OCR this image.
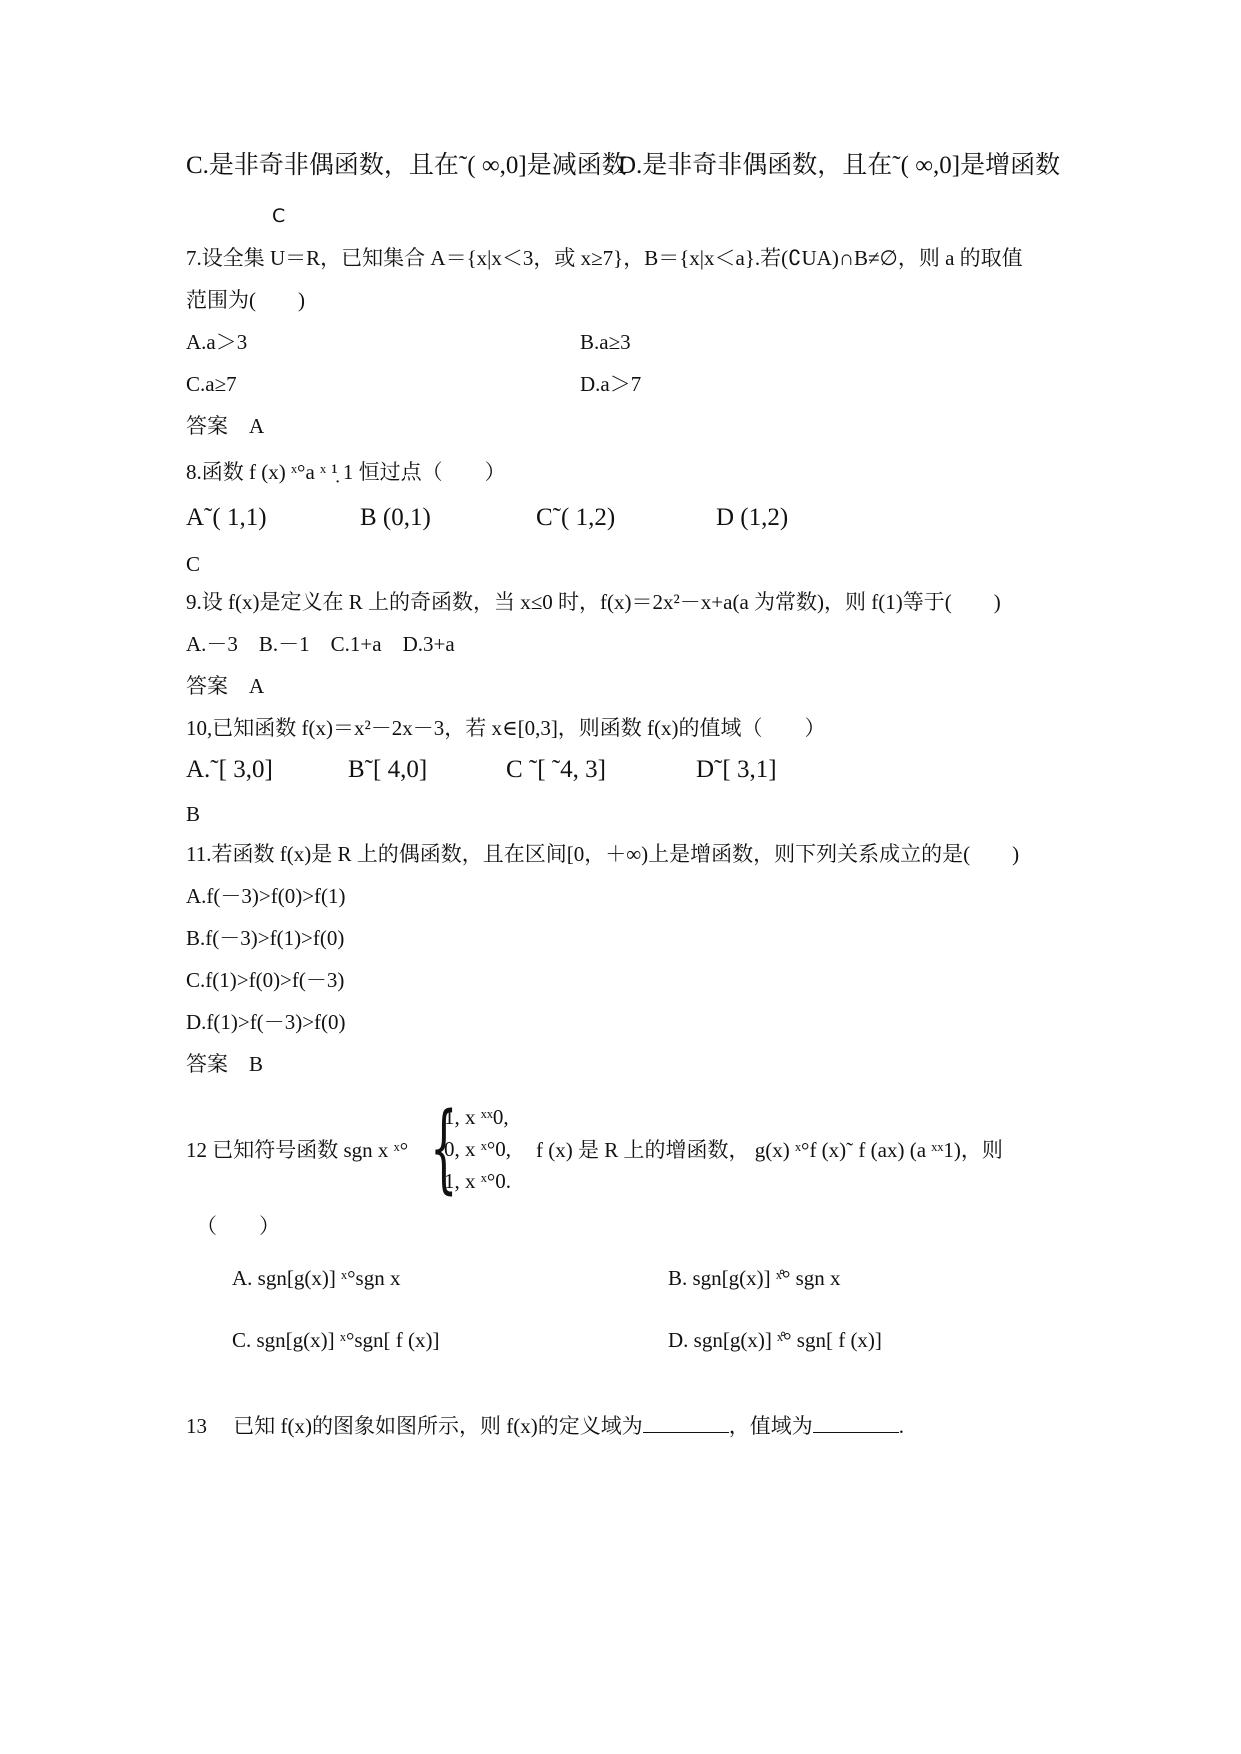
C.是非奇非偶函数，且在˜( ∞,0]是减函数
D.是非奇非偶函数，且在˜( ∞,0]是增函数
C
7.设全集 U＝R，已知集合 A＝{x|x＜3，或 x≥7}，B＝{x|x＜a}.若(∁UA)∩B≠∅，则 a 的取值
范围为(　　)
A.a＞3	B.a≥3
C.a≥7	D.a＞7
答案　A
8.函数 f (x) ˣ°a ˣ ¹̣ 1 恒过点（　　）
A˜( 1,1)	B (0,1)	C˜( 1,2)	D (1,2)
C
9.设 f(x)是定义在 R 上的奇函数，当 x≤0 时，f(x)＝2x²－x+a(a 为常数)，则 f(1)等于(　　)
A.－3　B.－1　C.1+a　D.3+a
答案　A
10,已知函数 f(x)＝x²－2x－3，若 x∈[0,3]，则函数 f(x)的值域（　　）
A.˜[ 3,0]	B˜[ 4,0]	C ˜[ ˜4, 3]	D˜[ 3,1]
B
11.若函数 f(x)是 R 上的偶函数，且在区间[0，＋∞)上是增函数，则下列关系成立的是(　　)
A.f(－3)>f(0)>f(1)
B.f(－3)>f(1)>f(0)
C.f(1)>f(0)>f(－3)
D.f(1)>f(－3)>f(0)
答案　B
12 已知符号函数 sgn x ˣ° {
1, x ˣˣ0,
0, x ˣ°0,
1, x ˣ°0.
f (x) 是 R 上的增函数， g(x) ˣ°f (x)˜ f (ax) (a ˣˣ1)，则
（　　）
A. sgn[g(x)] ˣ°sgn x	B. sgn[g(x)] ˣ̊° sgn x
C. sgn[g(x)] ˣ°sgn[ f (x)]	D. sgn[g(x)] ˣ̊° sgn[ f (x)]
13　 已知 f(x)的图象如图所示，则 f(x)的定义域为	，值域为	.
